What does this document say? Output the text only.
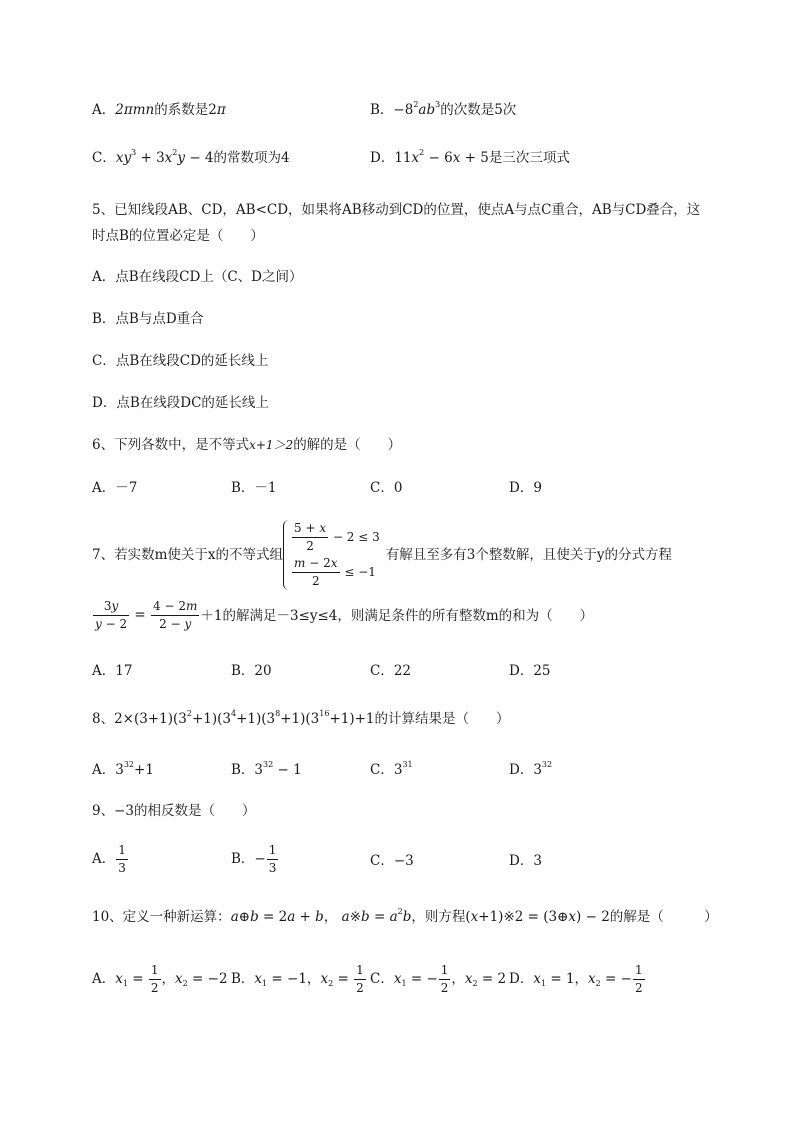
A．2πmn的系数是2π	B．$-8^2ab^3$的次数是5次
C．$xy^3 + 3x^2y - 4$的常数项为4	D．$11x^2 - 6x + 5$是三次三项式
5、已知线段AB、CD，AB<CD，如果将AB移动到CD的位置，使点A与点C重合，AB与CD叠合，这
时点B的位置必定是（　　）
A．点B在线段CD上（C、D之间）
B．点B与点D重合
C．点B在线段CD的延长线上
D．点B在线段DC的延长线上
6、下列各数中，是不等式x+1＞2的解的是（　　）
A．－7	B．－1	C．0	D．9
7、若实数m使关于x的不等式组 $\frac{5 + x}{2} - 2 \le 3$
$\frac{m - 2x}{2} \le -1$
有解且至多有3个整数解，且使关于y的分式方程
$\frac{3y}{y - 2} = \frac{4 - 2m}{2 - y} +1$的解满足－3≤y≤4，则满足条件的所有整数m的和为（　　）
A．17	B．20	C．22	D．25
8、$2\times(3+1)(3^2+1)(3^4+1)(3^8+1)(3^{16}+1)+1$的计算结果是（　　）
A．$3^{32}+1$	B．$3^{32} - 1$	C．$3^{31}$	D．$3^{32}$
9、−3的相反数是（　　）
A． $\frac{1}{3}$	B．− $\frac{1}{3}$	C．−3	D．3
10、定义一种新运算：a⊕b = 2a + b， a※b = $a^2b$，则方程(x+1)※2 = (3⊕x) − 2的解是（　　　）
A．$x_1 = \frac{1}{2}$ ，$x_2 = -2$ B．$x_1 = -1$，$x_2 = \frac{1}{2}$ C．$x_1$ = − $\frac{1}{2}$ ，$x_2 = 2$ D．$x_1 = 1$，$x_2$ = − $\frac{1}{2}$
